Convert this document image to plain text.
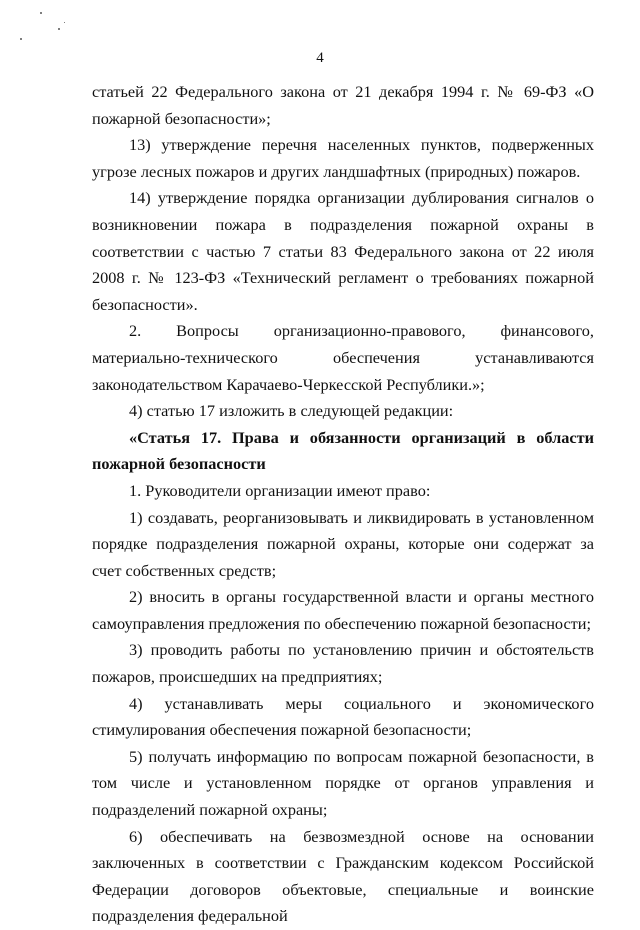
4

статьей 22 Федерального закона от 21 декабря 1994 г. № 69-ФЗ «О пожарной безопасности»;

13) утверждение перечня населенных пунктов, подверженных угрозе лесных пожаров и других ландшафтных (природных) пожаров.

14) утверждение порядка организации дублирования сигналов о возникновении пожара в подразделения пожарной охраны в соответствии с частью 7 статьи 83 Федерального закона от 22 июля 2008 г. № 123-ФЗ «Технический регламент о требованиях пожарной безопасности».

2. Вопросы организационно-правового, финансового, материально-технического обеспечения устанавливаются законодательством Карачаево-Черкесской Республики.»;

4) статью 17 изложить в следующей редакции:

«Статья 17. Права и обязанности организаций в области пожарной безопасности

1. Руководители организации имеют право:

1) создавать, реорганизовывать и ликвидировать в установленном порядке подразделения пожарной охраны, которые они содержат за счет собственных средств;

2) вносить в органы государственной власти и органы местного самоуправления предложения по обеспечению пожарной безопасности;

3) проводить работы по установлению причин и обстоятельств пожаров, происшедших на предприятиях;

4) устанавливать меры социального и экономического стимулирования обеспечения пожарной безопасности;

5) получать информацию по вопросам пожарной безопасности, в том числе и установленном порядке от органов управления и подразделений пожарной охраны;

6) обеспечивать на безвозмездной основе на основании заключенных в соответствии с Гражданским кодексом Российской Федерации договоров объектовые, специальные и воинские подразделения федеральной
